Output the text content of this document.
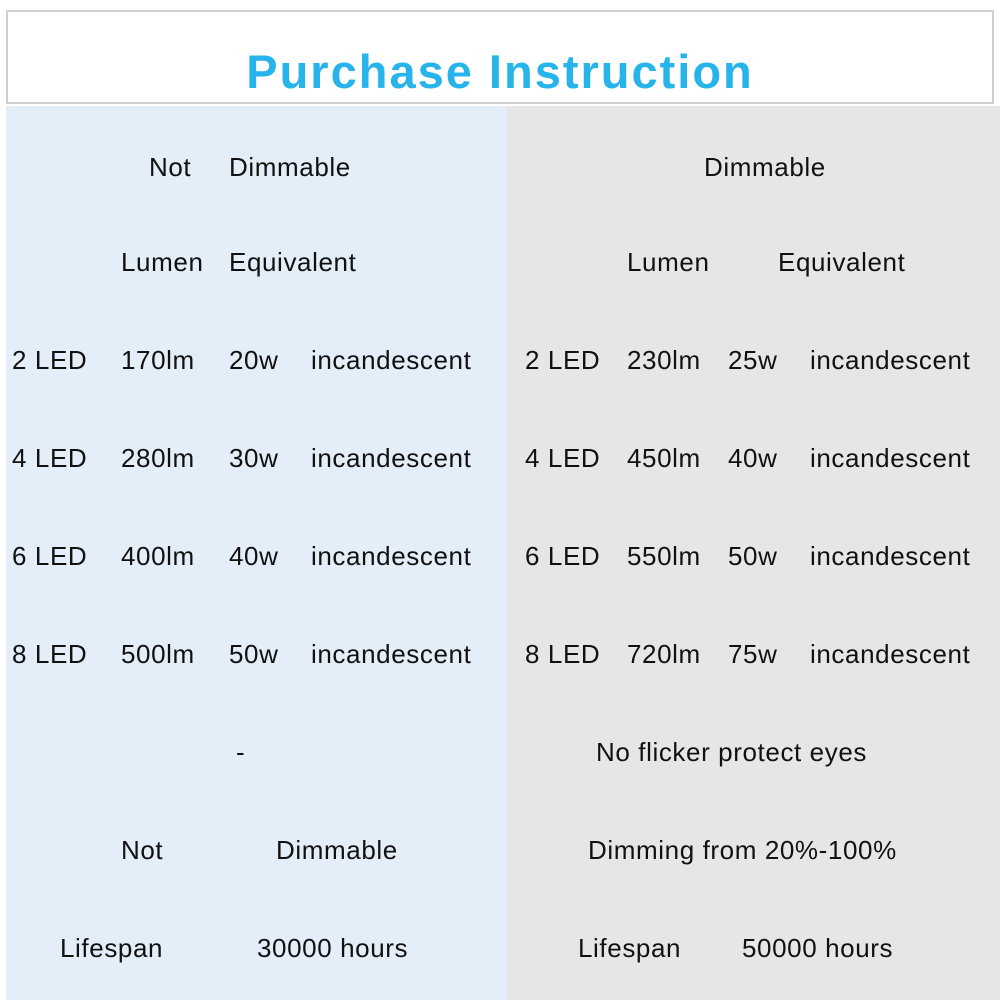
Purchase Instruction
Not Dimmable
Lumen Equivalent
2 LED 170lm 20w incandescent
4 LED 280lm 30w incandescent
6 LED 400lm 40w incandescent
8 LED 500lm 50w incandescent
-
Not	Dimmable
Lifespan	30000 hours
Dimmable
Lumen	Equivalent
2 LED 230lm 25w incandescent
4 LED 450lm 40w incandescent
6 LED 550lm 50w incandescent
8 LED 720lm 75w incandescent
No flicker protect eyes
Dimming from 20%-100%
Lifespan 50000 hours
